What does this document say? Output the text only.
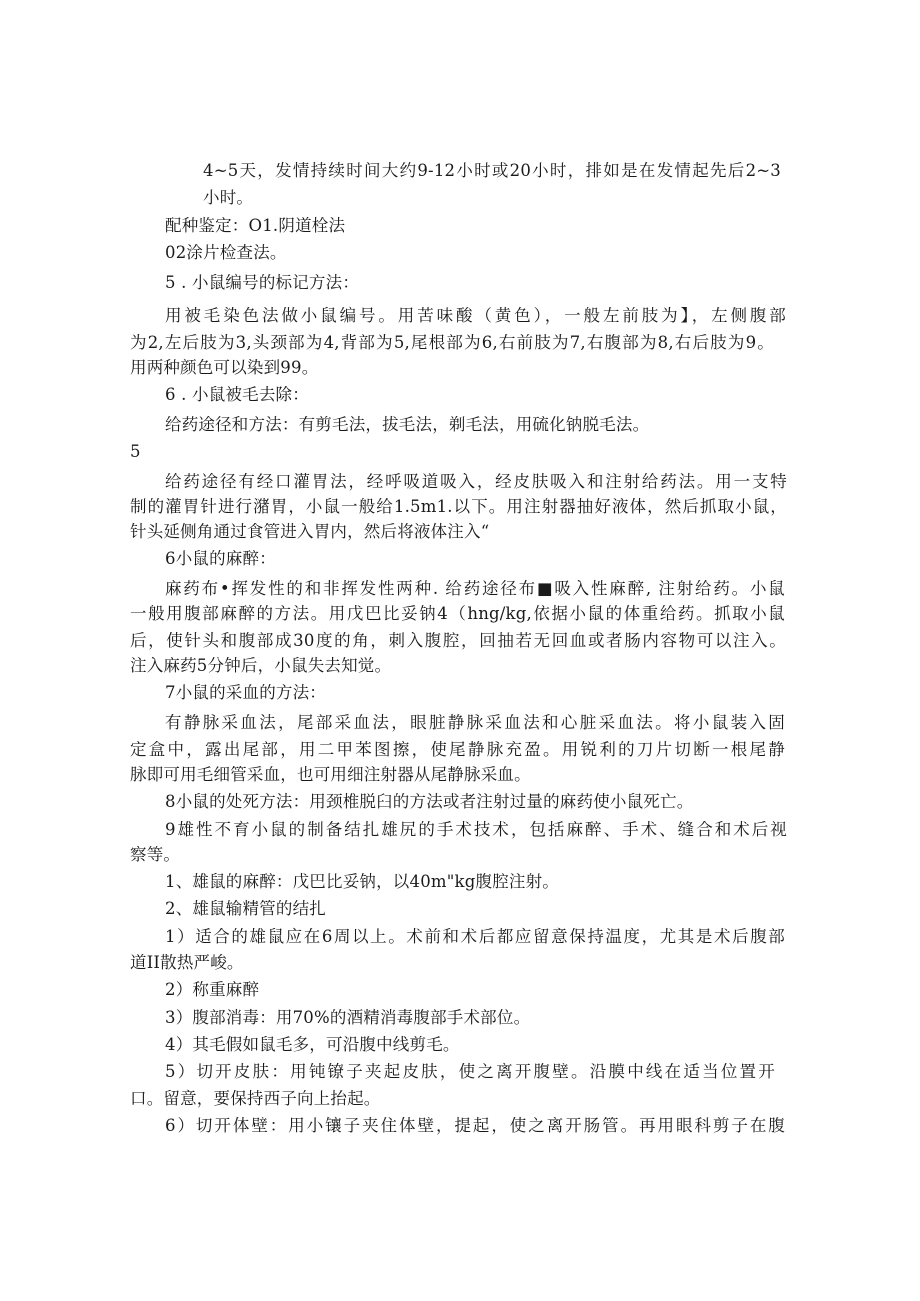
4~5天，发情持续时间大约9-12小时或20小时，排如是在发情起先后2~3
小时。
配种鉴定：O1.阴道栓法
02涂片检查法。
5 . 小鼠编号的标记方法：
用被毛染色法做小鼠编号。用苦味酸（黄色），一般左前肢为】，左侧腹部
为2,左后肢为3,头颈部为4,背部为5,尾根部为6,右前肢为7,右腹部为8,右后肢为9。
用两种颜色可以染到99。
6 . 小鼠被毛去除：
给药途径和方法：有剪毛法，拔毛法，剃毛法，用硫化钠脱毛法。
5
给药途径有经口灌胃法，经呼吸道吸入，经皮肤吸入和注射给药法。用一支特
制的灌胃针进行潴胃，小鼠一般给1.5m1.以下。用注射器抽好液体，然后抓取小鼠，
针头延侧角通过食管进入胃内，然后将液体注入“
6小鼠的麻醉：
麻药布•挥发性的和非挥发性两种. 给药途径布■吸入性麻醉, 注射给药。小鼠
一般用腹部麻醉的方法。用戊巴比妥钠4（hng/kg,依据小鼠的体重给药。抓取小鼠
后，使针头和腹部成30度的角，刺入腹腔，回抽若无回血或者肠内容物可以注入。
注入麻药5分钟后，小鼠失去知觉。
7小鼠的采血的方法：
有静脉采血法，尾部采血法，眼脏静脉采血法和心脏采血法。将小鼠装入固
定盒中，露出尾部，用二甲苯图擦，使尾静脉充盈。用锐利的刀片切断一根尾静
脉即可用毛细管采血，也可用细注射器从尾静脉采血。
8小鼠的处死方法：用颈椎脱臼的方法或者注射过量的麻药使小鼠死亡。
9雄性不育小鼠的制备结扎雄尻的手术技术，包括麻醉、手术、缝合和术后视
察等。
1、雄鼠的麻醉：戊巴比妥钠，以40m"kg腹腔注射。
2、雄鼠输精管的结扎
1）适合的雄鼠应在6周以上。术前和术后都应留意保持温度，尤其是术后腹部
道II散热严峻。
2）称重麻醉
3）腹部消毒：用70%的酒精消毒腹部手术部位。
4）其毛假如鼠毛多，可沿腹中线剪毛。
5）切开皮肤：用钝镣子夹起皮肤，使之离开腹壁。沿膜中线在适当位置开
口。留意，要保持西子向上抬起。
6）切开体壁：用小镶子夹住体壁，提起，使之离开肠管。再用眼科剪子在腹
